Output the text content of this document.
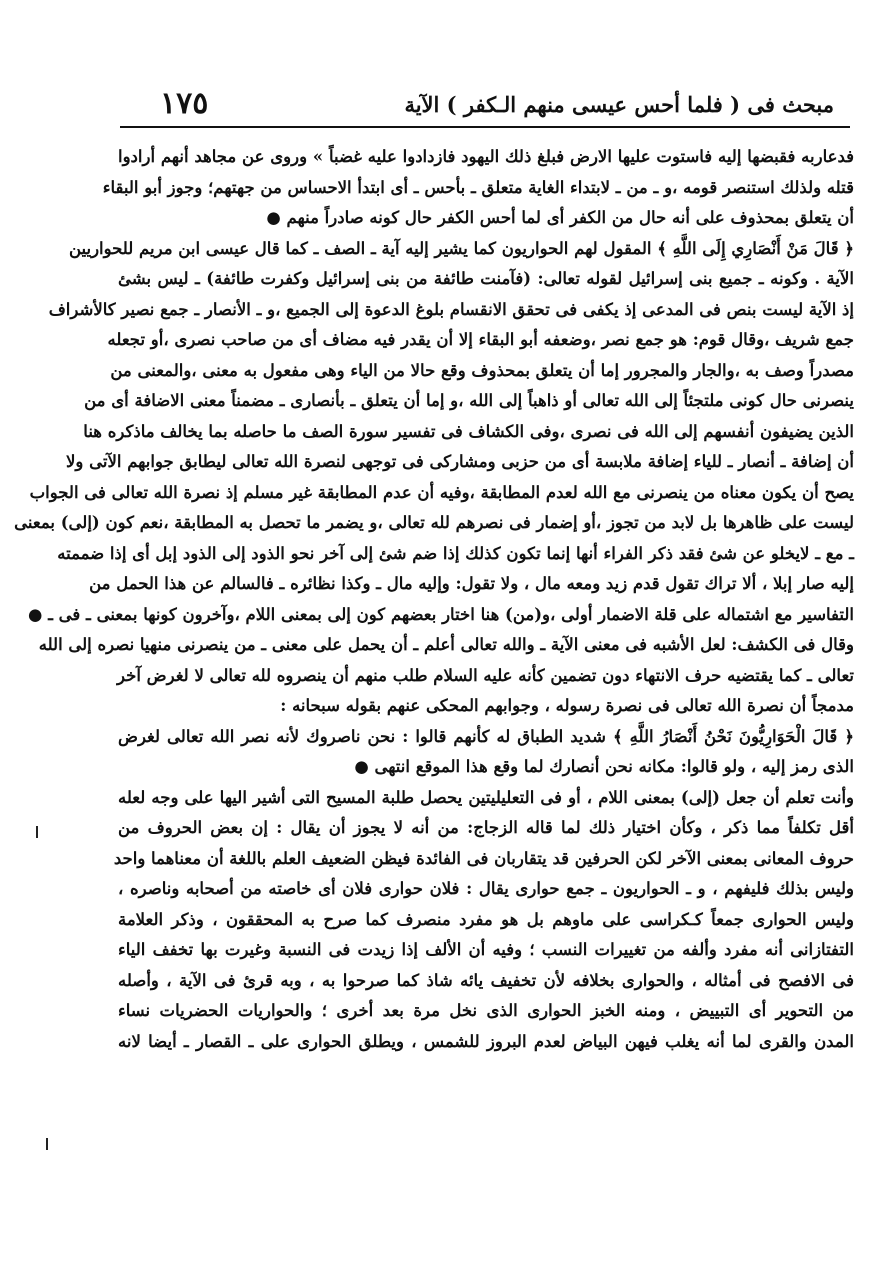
مبحث فى ( فلما أحس عيسى منهم الـكفر ) الآية
١٧٥
فدعاربه فقبضها إليه فاستوت عليها الارض فبلغ ذلك اليهود فازدادوا عليه غضباً » وروى عن مجاهد أنهم أرادوا
قتله ولذلك استنصر قومه ،و ـ من ـ لابتداء الغاية متعلق ـ بأحس ـ أى ابتدأ الاحساس من جهتهم؛ وجوز أبو البقاء
أن يتعلق بمحذوف على أنه حال من الكفر أى لما أحس الكفر حال كونه صادراً منهم ●
﴿ قَالَ مَنْ أَنْصَارِي إِلَى اللَّهِ ﴾ المقول لهم الحواريون كما يشير إليه آية ـ الصف ـ كما قال عيسى ابن مريم للحواريين
الآية . وكونه ـ جميع بنى إسرائيل لقوله تعالى: (فآمنت طائفة من بنى إسرائيل وكفرت طائفة) ـ ليس بشئ
إذ الآية ليست بنص فى المدعى إذ يكفى فى تحقق الانقسام بلوغ الدعوة إلى الجميع ،و ـ الأنصار ـ جمع نصير كالأشراف
جمع شريف ،وقال قوم: هو جمع نصر ،وضعفه أبو البقاء إلا أن يقدر فيه مضاف أى من صاحب نصرى ،أو تجعله
مصدراً وصف به ،والجار والمجرور إما أن يتعلق بمحذوف وقع حالا من الياء وهى مفعول به معنى ،والمعنى من
ينصرنى حال كونى ملتجئاً إلى الله تعالى أو ذاهباً إلى الله ،و إما أن يتعلق ـ بأنصارى ـ مضمناً معنى الاضافة أى من
الذين يضيفون أنفسهم إلى الله فى نصرى ،وفى الكشاف فى تفسير سورة الصف ما حاصله بما يخالف ماذكره هنا
أن إضافة ـ أنصار ـ للياء إضافة ملابسة أى من حزبى ومشاركى فى توجهى لنصرة الله تعالى ليطابق جوابهم الآتى ولا
يصح أن يكون معناه من ينصرنى مع الله لعدم المطابقة ،وفيه أن عدم المطابقة غير مسلم إذ نصرة الله تعالى فى الجواب
ليست على ظاهرها بل لابد من تجوز ،أو إضمار فى نصرهم لله تعالى ،و يضمر ما تحصل به المطابقة ،نعم كون (إلى) بمعنى
ـ مع ـ لايخلو عن شئ فقد ذكر الفراء أنها إنما تكون كذلك إذا ضم شئ إلى آخر نحو الذود إلى الذود إبل أى إذا ضممته
إليه صار إبلا ، ألا تراك تقول قدم زيد ومعه مال ، ولا تقول: وإليه مال ـ وكذا نظائره ـ فالسالم عن هذا الحمل من
التفاسير مع اشتماله على قلة الاضمار أولى ،و(من) هنا اختار بعضهم كون إلى بمعنى اللام ،وآخرون كونها بمعنى ـ فى ـ ●
وقال فى الكشف: لعل الأشبه فى معنى الآية ـ والله تعالى أعلم ـ أن يحمل على معنى ـ من ينصرنى منهيا نصره إلى الله
تعالى ـ كما يقتضيه حرف الانتهاء دون تضمين كأنه عليه السلام طلب منهم أن ينصروه لله تعالى لا لغرض آخر
مدمجاً أن نصرة الله تعالى فى نصرة رسوله ، وجوابهم المحكى عنهم بقوله سبحانه :
﴿ قَالَ الْحَوَارِيُّونَ نَحْنُ أَنْصَارُ اللَّهِ ﴾ شديد الطباق له كأنهم قالوا : نحن ناصروك لأنه نصر الله تعالى لغرض
الذى رمز إليه ، ولو قالوا: مكانه نحن أنصارك لما وقع هذا الموقع انتهى ●
وأنت تعلم أن جعل (إلى) بمعنى اللام ، أو فى التعليليتين يحصل طلبة المسيح التى أشير اليها على وجه لعله
أقل تكلفاً مما ذكر ، وكأن اختيار ذلك لما قاله الزجاج: من أنه لا يجوز أن يقال : إن بعض الحروف من
حروف المعانى بمعنى الآخر لكن الحرفين قد يتقاربان فى الفائدة فيظن الضعيف العلم باللغة أن معناهما واحد
وليس بذلك فليفهم ، و ـ الحواريون ـ جمع حوارى يقال : فلان حوارى فلان أى خاصته من أصحابه وناصره ،
وليس الحوارى جمعاً كـكراسى على ماوهم بل هو مفرد منصرف كما صرح به المحققون ، وذكر العلامة
التفتازانى أنه مفرد وألفه من تغييرات النسب ؛ وفيه أن الألف إذا زيدت فى النسبة وغيرت بها تخفف الياء
فى الافصح فى أمثاله ، والحوارى بخلافه لأن تخفيف يائه شاذ كما صرحوا به ، وبه قرئ فى الآية ، وأصله
من التحوير أى التبييض ، ومنه الخبز الحوارى الذى نخل مرة بعد أخرى ؛ والحواريات الحضريات نساء
المدن والقرى لما أنه يغلب فيهن البياض لعدم البروز للشمس ، ويطلق الحوارى على ـ القصار ـ أيضا لانه
